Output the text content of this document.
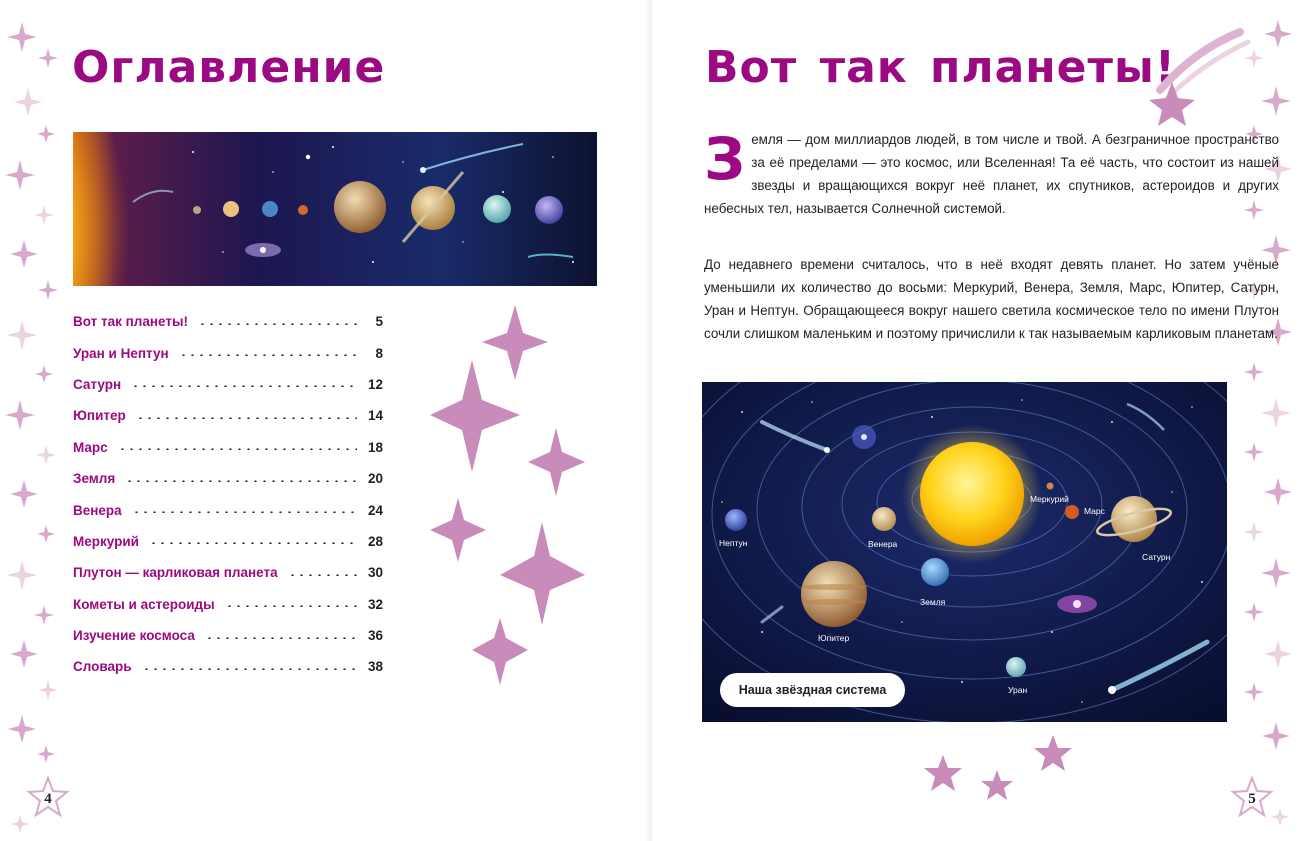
Оглавление
Вот так планеты!	5
Уран и Нептун	8
Сатурн	12
Юпитер	14
Марс	18
Земля	20
Венера	24
Меркурий	28
Плутон — карликовая планета	30
Кометы и астероиды	32
Изучение космоса	36
Словарь	38
4
Вот так планеты!
З емля — дом миллиардов людей, в том числе и твой. А безграничное пространство за её пределами — это космос, или Вселенная! Та её часть, что состоит из нашей звезды и вращающихся вокруг неё планет, их спутников, астероидов и других небесных тел, называется Солнечной системой.

До недавнего времени считалось, что в неё входят девять планет. Но затем учёные уменьшили их количество до восьми: Меркурий, Венера, Земля, Марс, Юпитер, Сатурн, Уран и Нептун. Обращающееся вокруг нашего светила космическое тело по имени Плутон сочли слишком маленьким и поэтому причислили к так называемым карликовым планетам.

Меркурий
Марс
Нептун	Венера
Сатурн
Земля
Юпитер
Уран
Наша звёздная система
5
